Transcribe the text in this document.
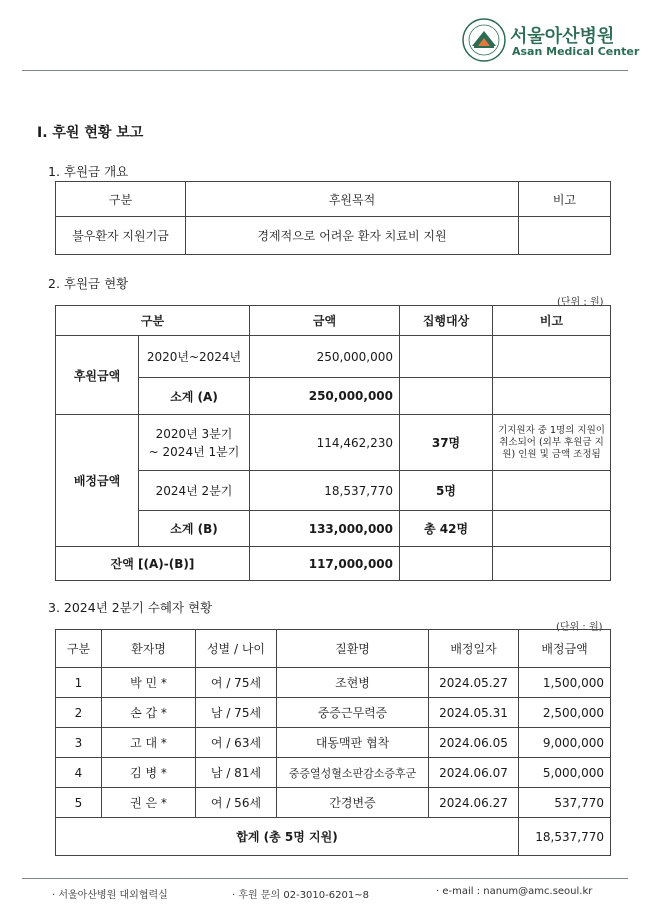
서울아산병원
Asan Medical Center
Ⅰ. 후원 현황 보고
1. 후원금 개요
구분	후원목적	비고
불우환자 지원기금	경제적으로 어려운 환자 치료비 지원	
2. 후원금 현황
(단위 : 원)
구분		금액	집행대상	비고
후원금액	2020년~2024년	250,000,000		
	소계 (A)	250,000,000		
배정금액	2020년 3분기
~ 2024년 1분기	114,462,230	37명	기지원자 중 1명의 지원이 취소되어 (외부 후원금 지원) 인원 및 금액 조정됨
	2024년 2분기	18,537,770	5명	
	소계 (B)	133,000,000	총 42명	
잔액 [(A)-(B)]		117,000,000		
3. 2024년 2분기 수혜자 현황
(단위 : 원)
구분	환자명	성별 / 나이	질환명	배정일자	배정금액
1	박 민 *	여 / 75세	조현병	2024.05.27	1,500,000
2	손 갑 *	남 / 75세	중증근무력증	2024.05.31	2,500,000
3	고 대 *	여 / 63세	대동맥판 협착	2024.06.05	9,000,000
4	김 병 *	남 / 81세	중증열성혈소판감소증후군	2024.06.07	5,000,000
5	권 은 *	여 / 56세	간경변증	2024.06.27	537,770
합계 (총 5명 지원)					18,537,770
· 서울아산병원 대외협력실	· 후원 문의 02-3010-6201~8	· e-mail : nanum@amc.seoul.kr
